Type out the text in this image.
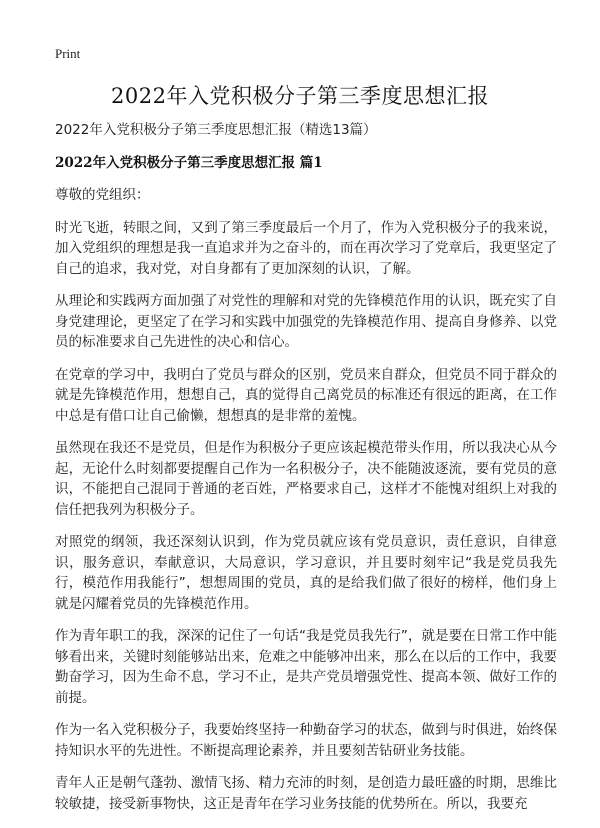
Print
2022年入党积极分子第三季度思想汇报
2022年入党积极分子第三季度思想汇报（精选13篇）
2022年入党积极分子第三季度思想汇报 篇1
尊敬的党组织：
时光飞逝，转眼之间，又到了第三季度最后一个月了，作为入党积极分子的我来说，加入党组织的理想是我一直追求并为之奋斗的，而在再次学习了党章后，我更坚定了自己的追求，我对党，对自身都有了更加深刻的认识，了解。
从理论和实践两方面加强了对党性的理解和对党的先锋模范作用的认识，既充实了自身党建理论，更坚定了在学习和实践中加强党的先锋模范作用、提高自身修养、以党员的标准要求自己先进性的决心和信心。
在党章的学习中，我明白了党员与群众的区别，党员来自群众，但党员不同于群众的就是先锋模范作用，想想自己，真的觉得自己离党员的标准还有很远的距离，在工作中总是有借口让自己偷懒，想想真的是非常的羞愧。
虽然现在我还不是党员，但是作为积极分子更应该起模范带头作用，所以我决心从今起，无论什么时刻都要提醒自己作为一名积极分子，决不能随波逐流，要有党员的意识，不能把自己混同于普通的老百姓，严格要求自己，这样才不能愧对组织上对我的信任把我列为积极分子。
对照党的纲领，我还深刻认识到，作为党员就应该有党员意识，责任意识，自律意识，服务意识，奉献意识，大局意识，学习意识，并且要时刻牢记“我是党员我先行，模范作用我能行”，想想周围的党员，真的是给我们做了很好的榜样，他们身上就是闪耀着党员的先锋模范作用。
作为青年职工的我，深深的记住了一句话“我是党员我先行”，就是要在日常工作中能够看出来，关键时刻能够站出来，危难之中能够冲出来，那么在以后的工作中，我要勤奋学习，因为生命不息，学习不止，是共产党员增强党性、提高本领、做好工作的前提。
作为一名入党积极分子，我要始终坚持一种勤奋学习的状态，做到与时俱进，始终保持知识水平的先进性。不断提高理论素养，并且要刻苦钻研业务技能。
青年人正是朝气蓬勃、激情飞扬、精力充沛的时刻，是创造力最旺盛的时期，思维比较敏捷，接受新事物快，这正是青年在学习业务技能的优势所在。所以，我要充
